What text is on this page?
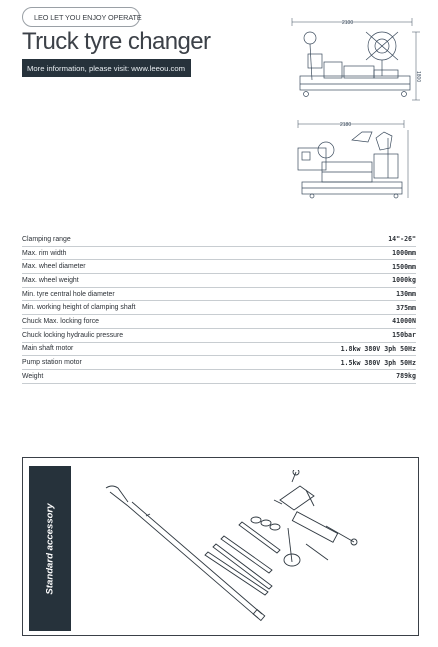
LEO LET YOU ENJOY OPERATE
Truck tyre changer
More information, please visit: www.leeou.com
2100
1800
2180
Clamping range	14"-26"
Max. rim width	1000mm
Max. wheel diameter	1500mm
Max. wheel weight	1000kg
Min. tyre central hole diameter	130mm
Min. working height of clamping shaft	375mm
Chuck Max. locking force	41000N
Chuck locking hydraulic pressure	150bar
Main shaft motor	1.8kw 380V 3ph 50Hz
Pump station motor	1.5kw 380V 3ph 50Hz
Weight	789kg
Standard accessory
